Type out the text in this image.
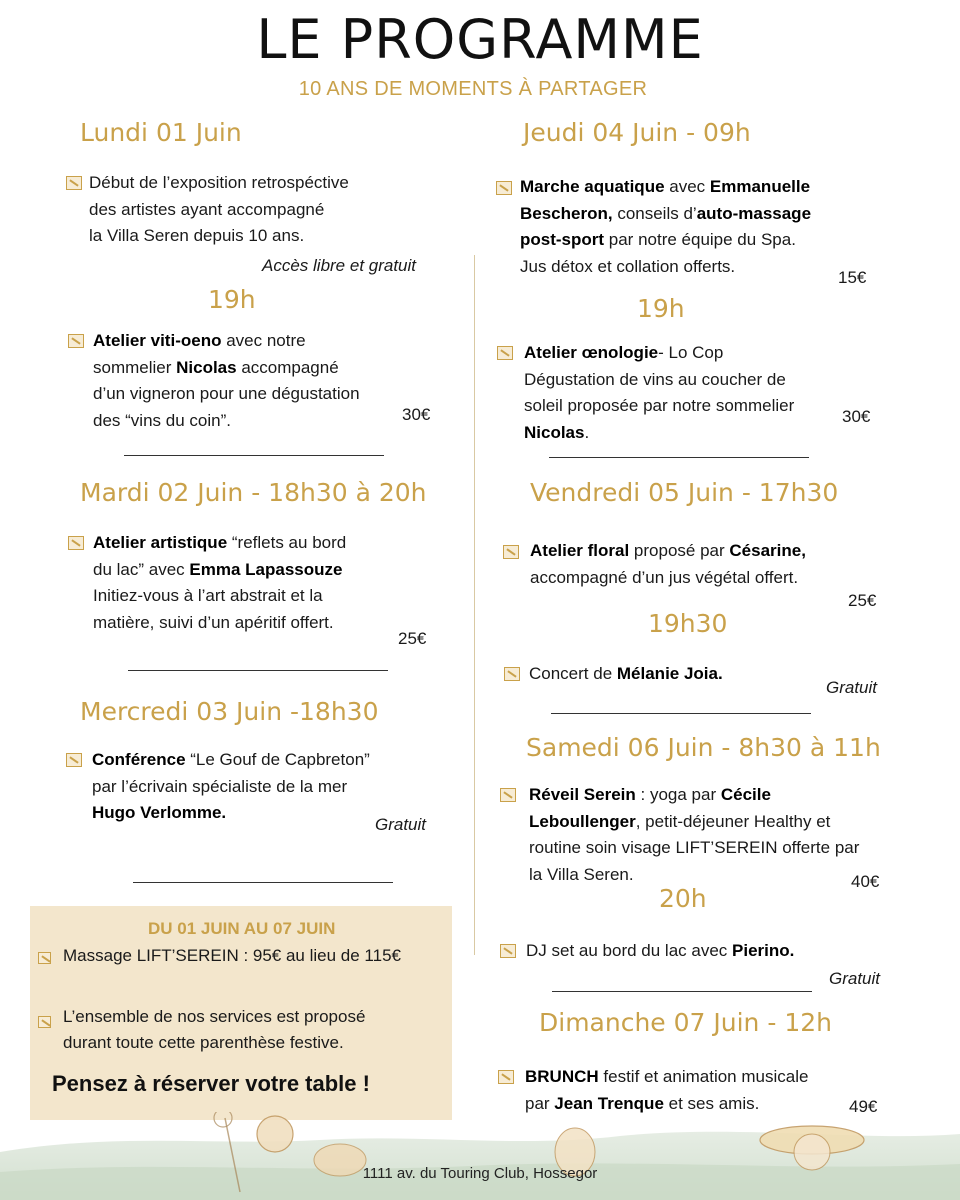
LE PROGRAMME
10 ANS DE MOMENTS À PARTAGER
Lundi 01 Juin
Début de l’exposition retrospéctive
des artistes ayant accompagné
la Villa Seren depuis 10 ans.
Accès libre et gratuit
19h
Atelier viti-oeno avec notre
sommelier Nicolas accompagné
d’un vigneron pour une dégustation
des “vins du coin”.	30€
Mardi 02 Juin - 18h30 à 20h
Atelier artistique “reflets au bord
du lac” avec Emma Lapassouze
Initiez-vous à l’art abstrait et la
matière, suivi d’un apéritif offert.
25€
Mercredi 03 Juin -18h30
Conférence “Le Gouf de Capbreton”
par l’écrivain spécialiste de la mer
Hugo Verlomme.
Gratuit
DU 01 JUIN AU 07 JUIN
Massage LIFT’SEREIN : 95€ au lieu de 115€
L’ensemble de nos services est proposé
durant toute cette parenthèse festive.
Pensez à réserver votre table !
Jeudi 04 Juin - 09h
Marche aquatique avec Emmanuelle
Bescheron, conseils d’auto-massage
post-sport par notre équipe du Spa.
Jus détox et collation offerts.
15€
19h
Atelier œnologie- Lo Cop
Dégustation de vins au coucher de
soleil proposée par notre sommelier
Nicolas.
30€
Vendredi 05 Juin - 17h30
Atelier floral proposé par Césarine,
accompagné d’un jus végétal offert.
25€
19h30
Concert de Mélanie Joia.
Gratuit
Samedi 06 Juin - 8h30 à 11h
Réveil Serein : yoga par Cécile
Leboullenger, petit-déjeuner Healthy et
routine soin visage LIFT’SEREIN offerte par
la Villa Seren.	40€
20h
DJ set au bord du lac avec Pierino.
Gratuit
Dimanche 07 Juin - 12h
BRUNCH festif et animation musicale
par Jean Trenque et ses amis.	49€
1111 av. du Touring Club, Hossegor
